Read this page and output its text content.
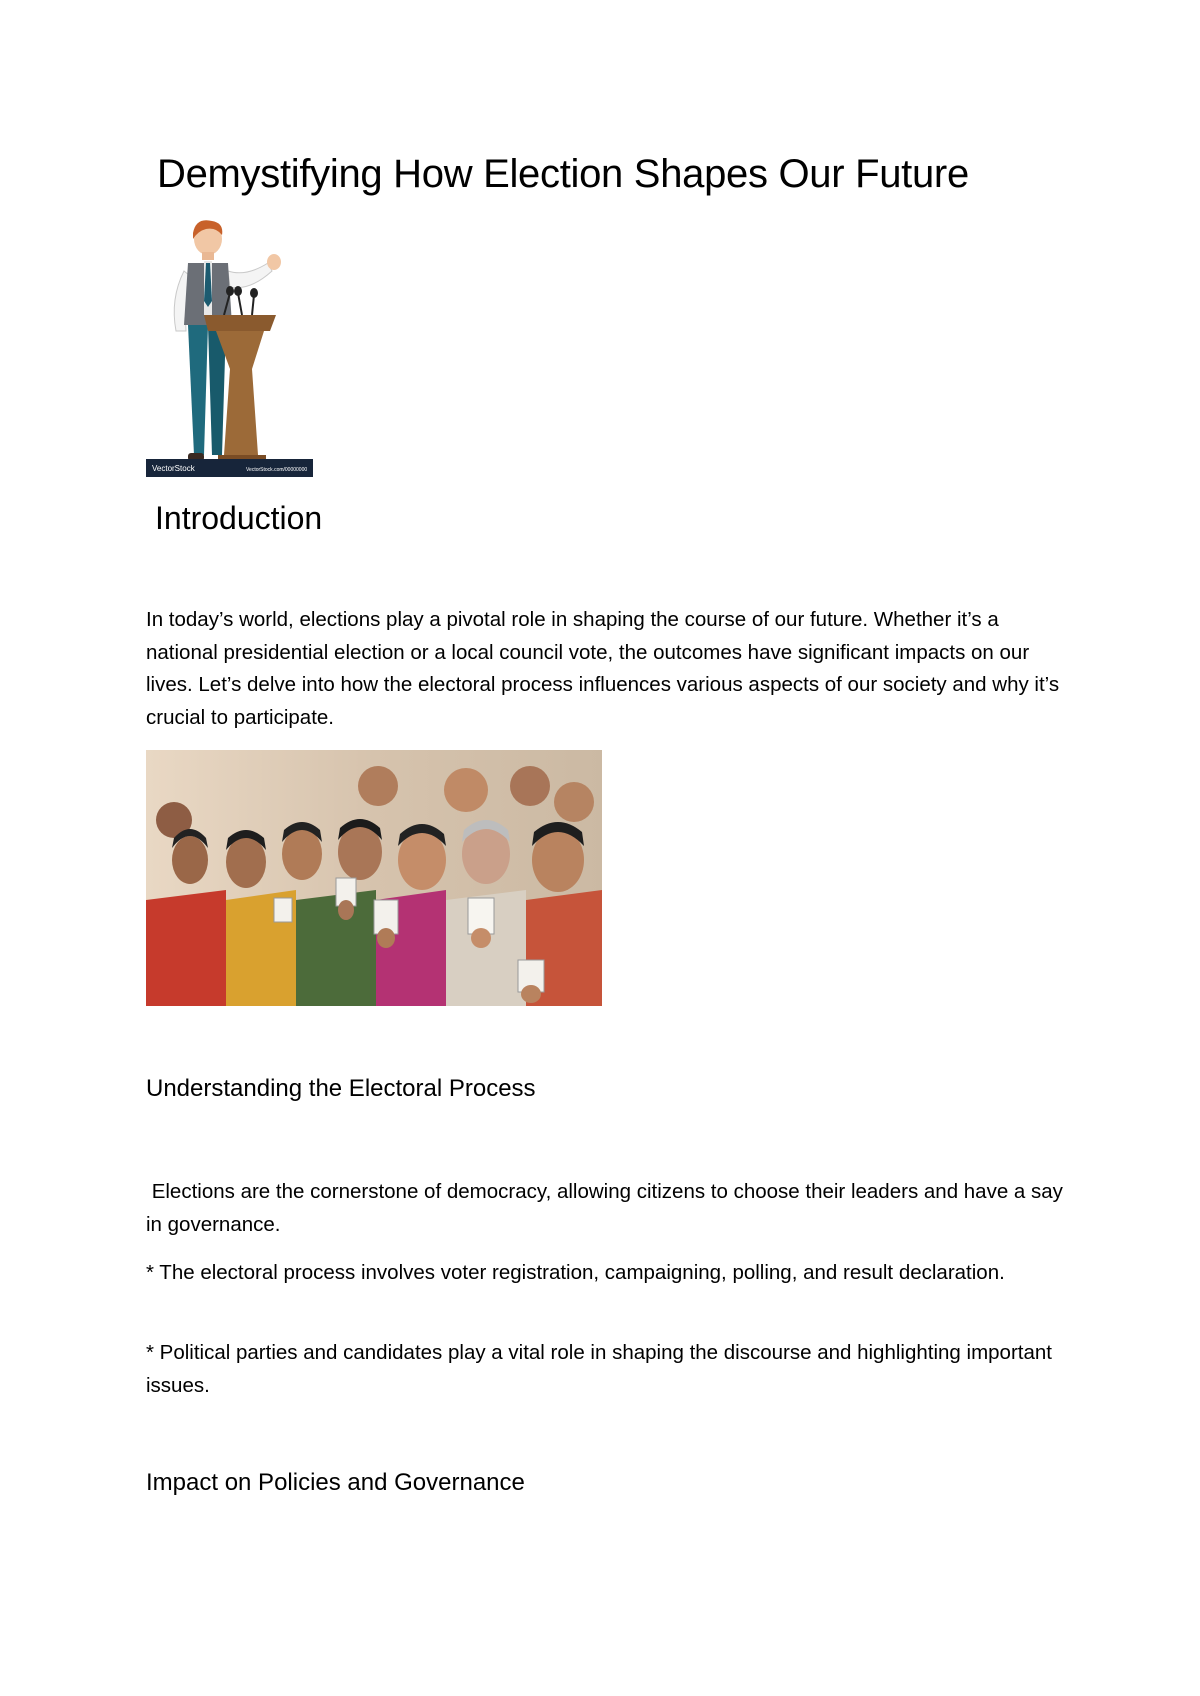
Demystifying How Election Shapes Our Future
VectorStock	VectorStock.com/00000000
Introduction

In today’s world, elections play a pivotal role in shaping the course of our future. Whether it’s a national presidential election or a local council vote, the outcomes have significant impacts on our lives. Let’s delve into how the electoral process influences various aspects of our society and why it’s crucial to participate.

Understanding the Electoral Process

Elections are the cornerstone of democracy, allowing citizens to choose their leaders and have a say in governance.

* The electoral process involves voter registration, campaigning, polling, and result declaration.

* Political parties and candidates play a vital role in shaping the discourse and highlighting important issues.

Impact on Policies and Governance
